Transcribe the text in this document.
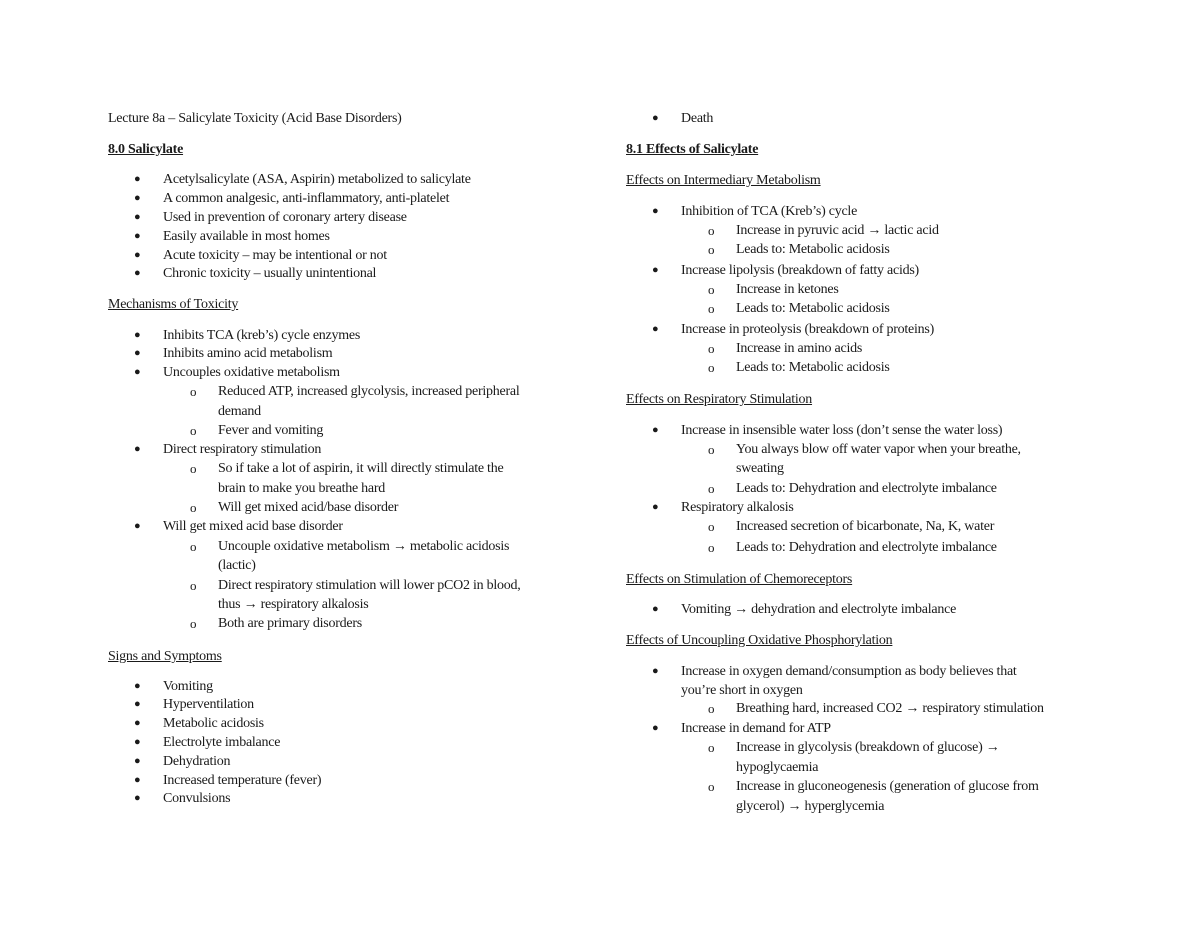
Lecture 8a – Salicylate Toxicity (Acid Base Disorders)
8.0 Salicylate
● Acetylsalicylate (ASA, Aspirin) metabolized to salicylate
● A common analgesic, anti-inflammatory, anti-platelet
● Used in prevention of coronary artery disease
● Easily available in most homes
● Acute toxicity – may be intentional or not
● Chronic toxicity – usually unintentional
Mechanisms of Toxicity
● Inhibits TCA (kreb’s) cycle enzymes
● Inhibits amino acid metabolism
● Uncouples oxidative metabolism
o Reduced ATP, increased glycolysis, increased peripheral
demand
o Fever and vomiting
● Direct respiratory stimulation
o So if take a lot of aspirin, it will directly stimulate the
brain to make you breathe hard
o Will get mixed acid/base disorder
● Will get mixed acid base disorder
o Uncouple oxidative metabolism → metabolic acidosis
(lactic)
o Direct respiratory stimulation will lower pCO2 in blood,
thus → respiratory alkalosis
o Both are primary disorders
Signs and Symptoms
● Vomiting
● Hyperventilation
● Metabolic acidosis
● Electrolyte imbalance
● Dehydration
● Increased temperature (fever)
● Convulsions
● Death
8.1 Effects of Salicylate
Effects on Intermediary Metabolism
● Inhibition of TCA (Kreb’s) cycle
o Increase in pyruvic acid → lactic acid
o Leads to: Metabolic acidosis
● Increase lipolysis (breakdown of fatty acids)
o Increase in ketones
o Leads to: Metabolic acidosis
● Increase in proteolysis (breakdown of proteins)
o Increase in amino acids
o Leads to: Metabolic acidosis
Effects on Respiratory Stimulation
● Increase in insensible water loss (don’t sense the water loss)
o You always blow off water vapor when your breathe,
sweating
o Leads to: Dehydration and electrolyte imbalance
● Respiratory alkalosis
o Increased secretion of bicarbonate, Na, K, water
o Leads to: Dehydration and electrolyte imbalance
Effects on Stimulation of Chemoreceptors
● Vomiting → dehydration and electrolyte imbalance
Effects of Uncoupling Oxidative Phosphorylation
● Increase in oxygen demand/consumption as body believes that
you’re short in oxygen
o Breathing hard, increased CO2 → respiratory stimulation
● Increase in demand for ATP
o Increase in glycolysis (breakdown of glucose) →
hypoglycaemia
o Increase in gluconeogenesis (generation of glucose from
glycerol) → hyperglycemia
